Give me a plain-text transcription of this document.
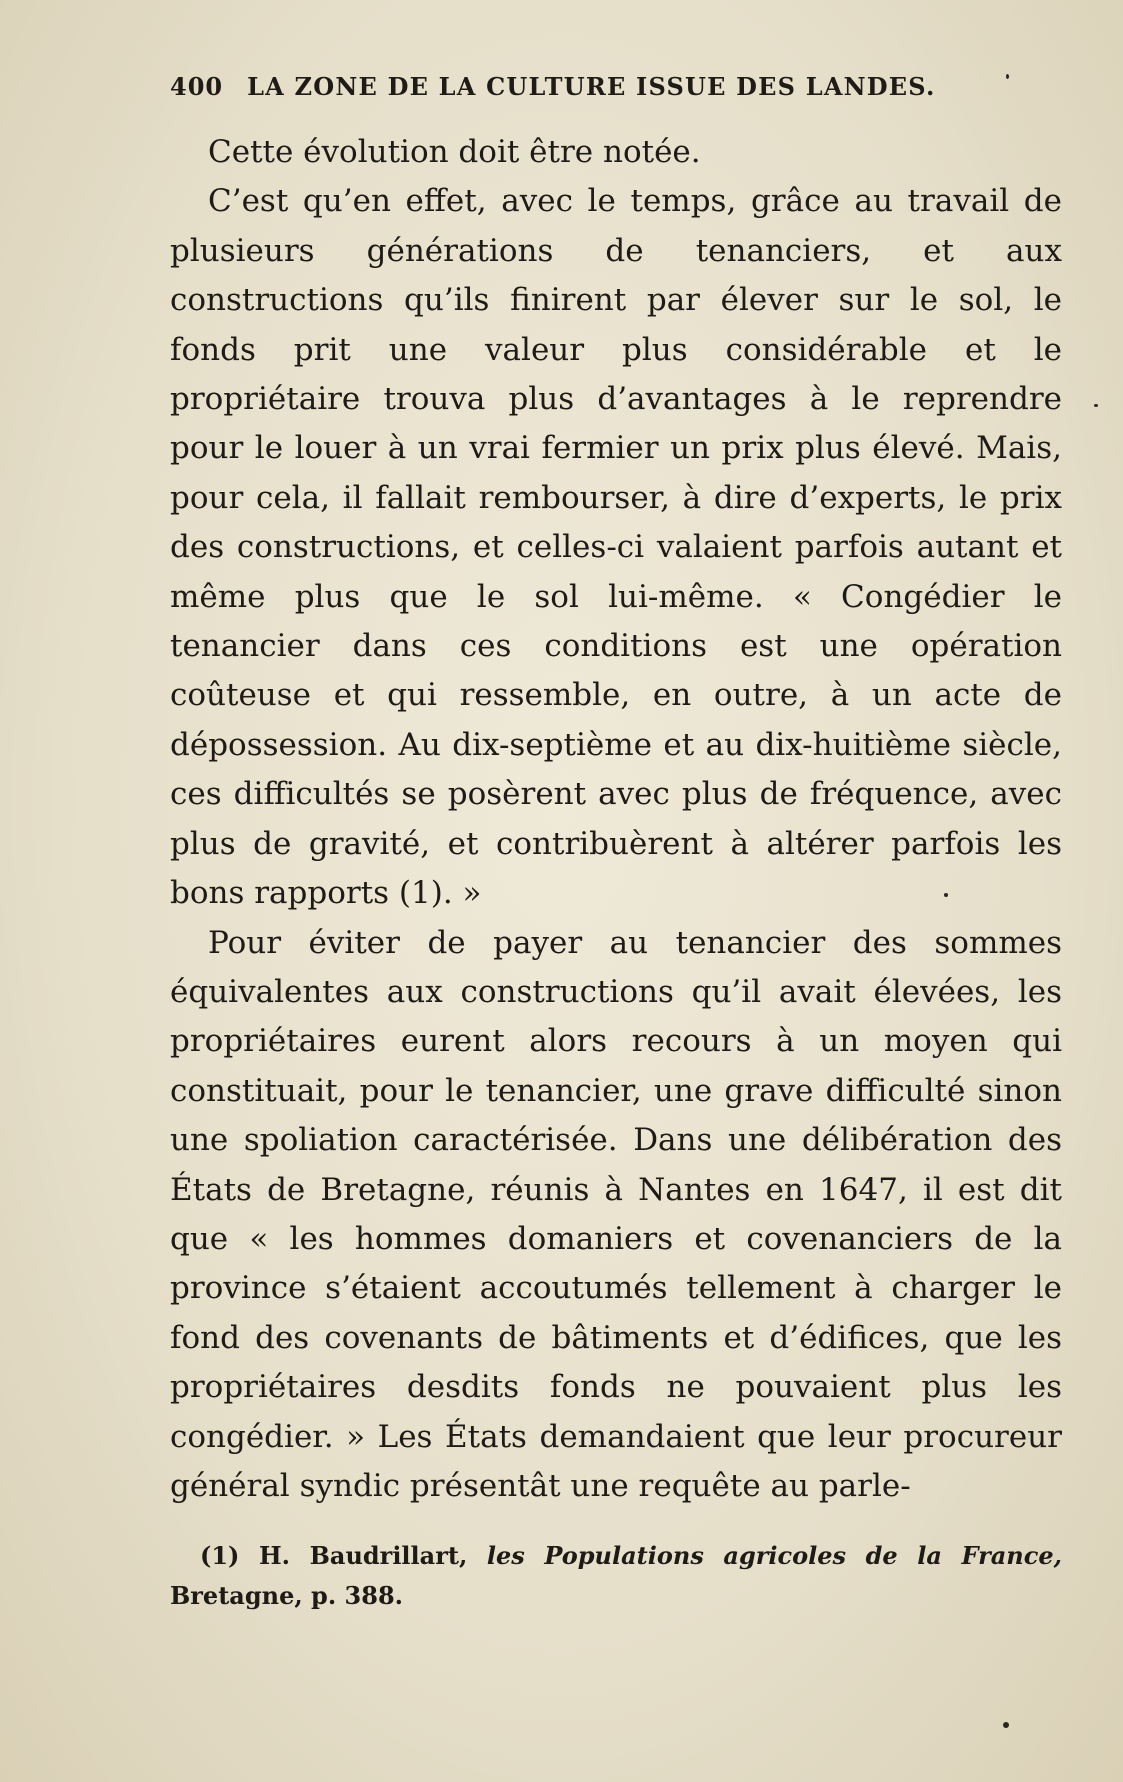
400 LA ZONE DE LA CULTURE ISSUE DES LANDES.

Cette évolution doit être notée.

C’est qu’en effet, avec le temps, grâce au travail de plusieurs générations de tenanciers, et aux constructions qu’ils finirent par élever sur le sol, le fonds prit une valeur plus considérable et le propriétaire trouva plus d’avantages à le reprendre pour le louer à un vrai fermier un prix plus élevé. Mais, pour cela, il fallait rembourser, à dire d’experts, le prix des constructions, et celles-ci valaient parfois autant et même plus que le sol lui-même. « Congédier le tenancier dans ces conditions est une opération coûteuse et qui ressemble, en outre, à un acte de dépossession. Au dix-septième et au dix-huitième siècle, ces difficultés se posèrent avec plus de fréquence, avec plus de gravité, et contribuèrent à altérer parfois les bons rapports (1). »

Pour éviter de payer au tenancier des sommes équivalentes aux constructions qu’il avait élevées, les propriétaires eurent alors recours à un moyen qui constituait, pour le tenancier, une grave difficulté sinon une spoliation caractérisée. Dans une délibération des États de Bretagne, réunis à Nantes en 1647, il est dit que « les hommes domaniers et covenanciers de la province s’étaient accoutumés tellement à charger le fond des covenants de bâtiments et d’édifices, que les propriétaires desdits fonds ne pouvaient plus les congédier. » Les États demandaient que leur procureur général syndic présentât une requête au parle-

(1) H. Baudrillart, les Populations agricoles de la France, Bretagne, p. 388.
